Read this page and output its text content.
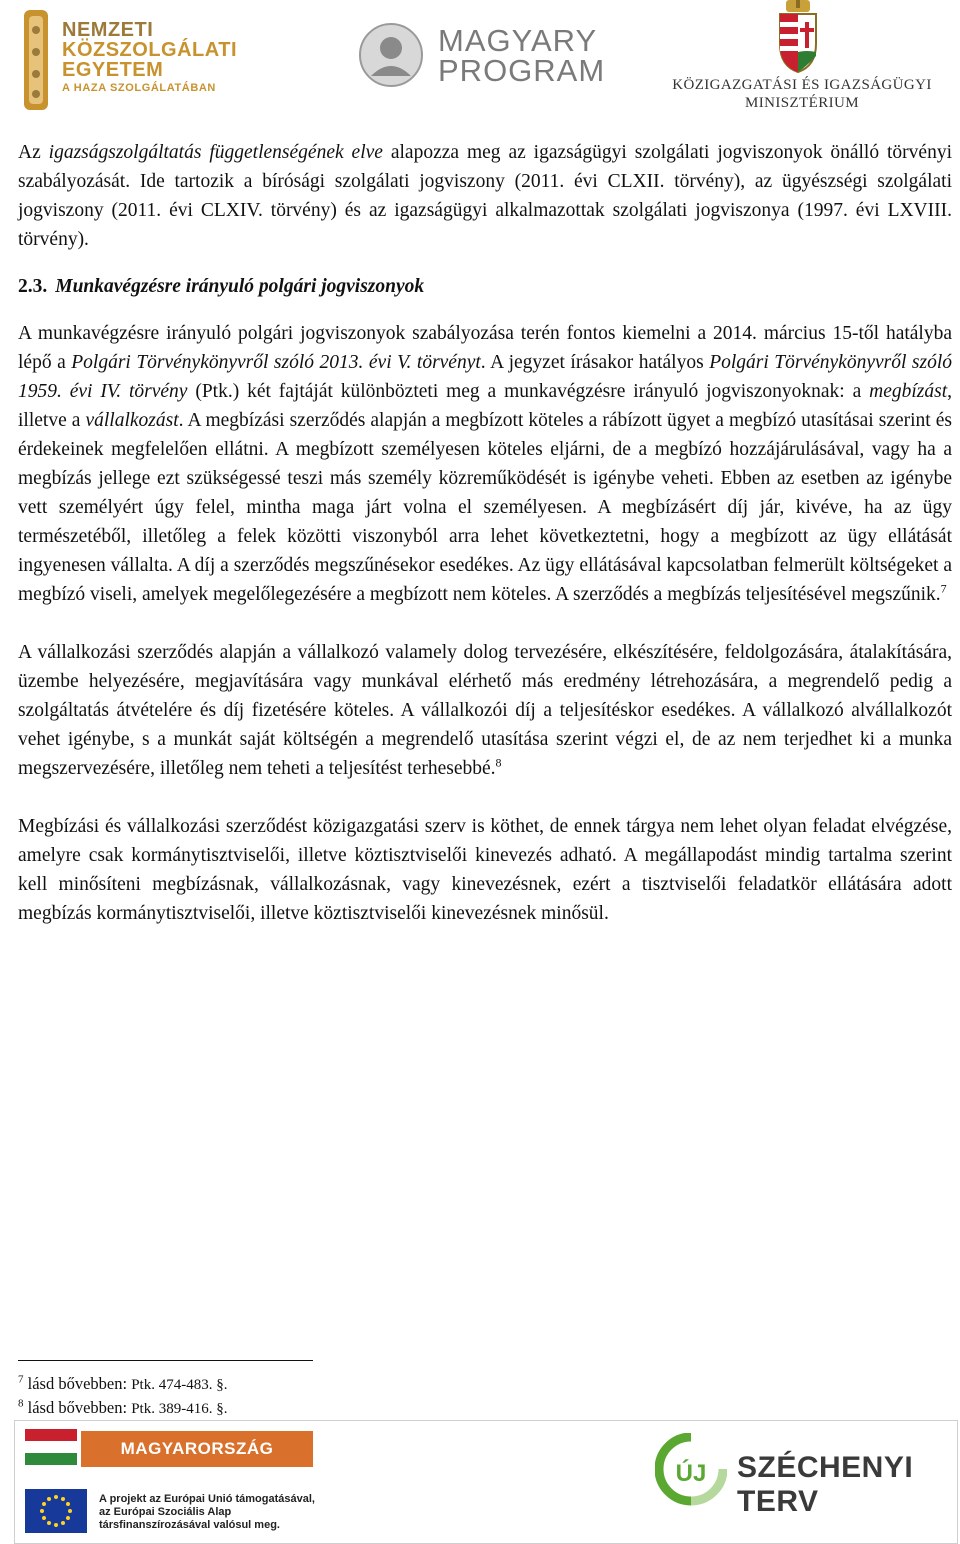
NEMZETI
KÖZSZOLGÁLATI
EGYETEM
A HAZA SZOLGÁLATÁBAN
MAGYARY
PROGRAM	KÖZIGAZGATÁSI ÉS IGAZSÁGÜGYI
MINISZTÉRIUM

Az igazságszolgáltatás függetlenségének elve alapozza meg az igazságügyi szolgálati jogviszonyok önálló törvényi szabályozását. Ide tartozik a bírósági szolgálati jogviszony (2011. évi CLXII. törvény), az ügyészségi szolgálati jogviszony (2011. évi CLXIV. törvény) és az igazságügyi alkalmazottak szolgálati jogviszonya (1997. évi LXVIII. törvény).

2.3. Munkavégzésre irányuló polgári jogviszonyok

A munkavégzésre irányuló polgári jogviszonyok szabályozása terén fontos kiemelni a 2014. március 15-től hatályba lépő a Polgári Törvénykönyvről szóló 2013. évi V. törvényt. A jegyzet írásakor hatályos Polgári Törvénykönyvről szóló 1959. évi IV. törvény (Ptk.) két fajtáját különbözteti meg a munkavégzésre irányuló jogviszonyoknak: a megbízást, illetve a vállalkozást. A megbízási szerződés alapján a megbízott köteles a rábízott ügyet a megbízó utasításai szerint és érdekeinek megfelelően ellátni. A megbízott személyesen köteles eljárni, de a megbízó hozzájárulásával, vagy ha a megbízás jellege ezt szükségessé teszi más személy közreműködését is igénybe veheti. Ebben az esetben az igénybe vett személyért úgy felel, mintha maga járt volna el személyesen. A megbízásért díj jár, kivéve, ha az ügy természetéből, illetőleg a felek közötti viszonyból arra lehet következtetni, hogy a megbízott az ügy ellátását ingyenesen vállalta. A díj a szerződés megszűnésekor esedékes. Az ügy ellátásával kapcsolatban felmerült költségeket a megbízó viseli, amelyek megelőlegezésére a megbízott nem köteles. A szerződés a megbízás teljesítésével megszűnik.$^7$

A vállalkozási szerződés alapján a vállalkozó valamely dolog tervezésére, elkészítésére, feldolgozására, átalakítására, üzembe helyezésére, megjavítására vagy munkával elérhető más eredmény létrehozására, a megrendelő pedig a szolgáltatás átvételére és díj fizetésére köteles. A vállalkozói díj a teljesítéskor esedékes. A vállalkozó alvállalkozót vehet igénybe, s a munkát saját költségén a megrendelő utasítása szerint végzi el, de az nem terjedhet ki a munka megszervezésére, illetőleg nem teheti a teljesítést terhesebbé.$^8$

Megbízási és vállalkozási szerződést közigazgatási szerv is köthet, de ennek tárgya nem lehet olyan feladat elvégzése, amelyre csak kormánytisztviselői, illetve köztisztviselői kinevezés adható. A megállapodást mindig tartalma szerint kell minősíteni megbízásnak, vállalkozásnak, vagy kinevezésnek, ezért a tisztviselői feladatkör ellátására adott megbízás kormánytisztviselői, illetve köztisztviselői kinevezésnek minősül.

$^7$ lásd bővebben: Ptk. 474-483. §.
$^8$ lásd bővebben: Ptk. 389-416. §.
MAGYARORSZÁG MEGÚJUL
A projekt az Európai Unió támogatásával,
az Európai Szociális Alap
társfinanszírozásával valósul meg.
ÚJ SZÉCHENYI TERV
